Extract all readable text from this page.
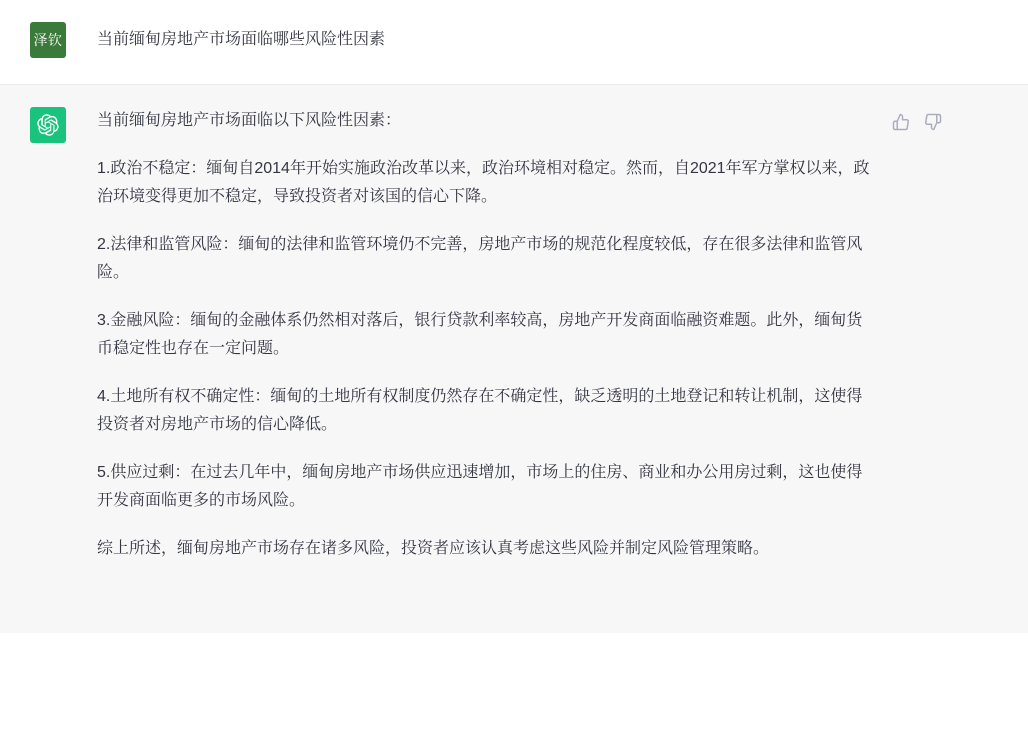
泽钦 当前缅甸房地产市场面临哪些风险性因素

当前缅甸房地产市场面临以下风险性因素：

1.政治不稳定：缅甸自2014年开始实施政治改革以来，政治环境相对稳定。然而，自2021年军方掌权以来，政治环境变得更加不稳定，导致投资者对该国的信心下降。

2.法律和监管风险：缅甸的法律和监管环境仍不完善，房地产市场的规范化程度较低，存在很多法律和监管风险。

3.金融风险：缅甸的金融体系仍然相对落后，银行贷款利率较高，房地产开发商面临融资难题。此外，缅甸货币稳定性也存在一定问题。

4.土地所有权不确定性：缅甸的土地所有权制度仍然存在不确定性，缺乏透明的土地登记和转让机制，这使得投资者对房地产市场的信心降低。

5.供应过剩：在过去几年中，缅甸房地产市场供应迅速增加，市场上的住房、商业和办公用房过剩，这也使得开发商面临更多的市场风险。

综上所述，缅甸房地产市场存在诸多风险，投资者应该认真考虑这些风险并制定风险管理策略。
